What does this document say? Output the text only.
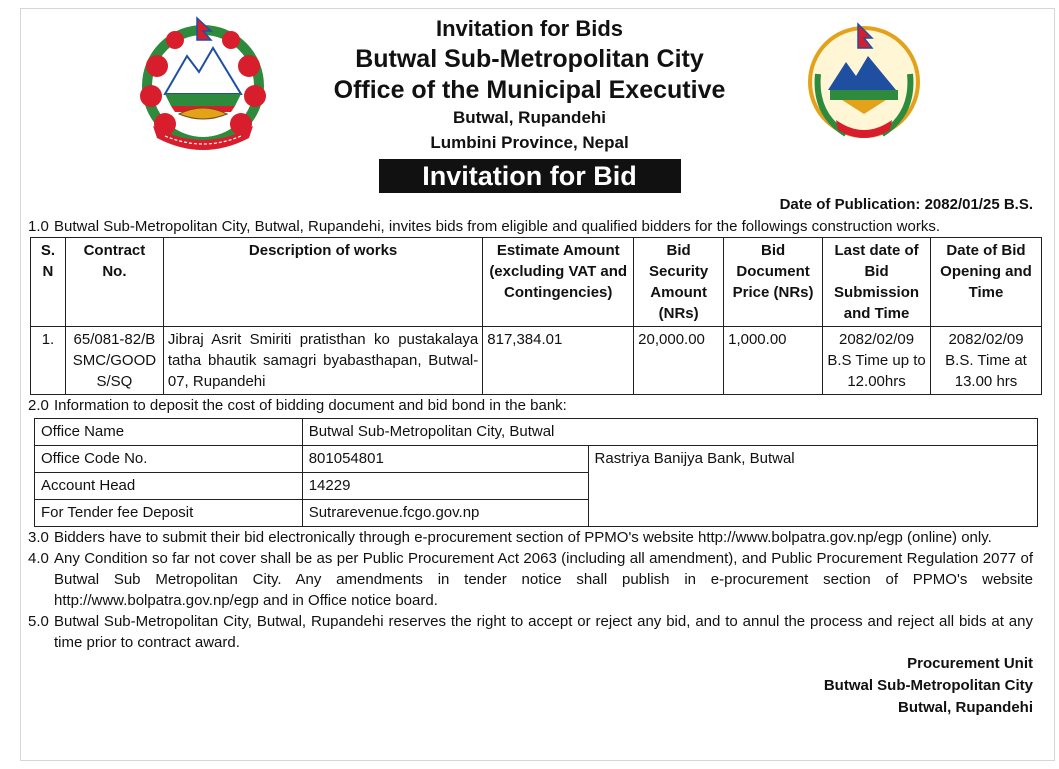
Invitation for Bids
Butwal Sub-Metropolitan City
Office of the Municipal Executive
Butwal, Rupandehi
Lumbini Province, Nepal
Invitation for Bid
Date of Publication: 2082/01/25 B.S.
1.0 Butwal Sub-Metropolitan City, Butwal, Rupandehi, invites bids from eligible and qualified bidders for the followings construction works.
S. N	Contract No.	Description of works	Estimate Amount (excluding VAT and Contingencies)	Bid Security Amount (NRs)	Bid Document Price (NRs)	Last date of Bid Submission and Time	Date of Bid Opening and Time
1.	65/081-82/BSMC/GOODS/SQ	Jibraj Asrit Smiriti pratisthan ko pustakalaya tatha bhautik samagri byabasthapan, Butwal-07, Rupandehi	817,384.01	20,000.00	1,000.00	2082/02/09 B.S Time up to 12.00hrs	2082/02/09 B.S. Time at 13.00 hrs
2.0 Information to deposit the cost of bidding document and bid bond in the bank:
Office Name	Butwal Sub-Metropolitan City, Butwal	
Office Code No.	801054801	Rastriya Banijya Bank, Butwal
Account Head	14229	
For Tender fee Deposit	Sutrarevenue.fcgo.gov.np	
3.0 Bidders have to submit their bid electronically through e-procurement section of PPMO's website http://www.bolpatra.gov.np/egp (online) only.
4.0 Any Condition so far not cover shall be as per Public Procurement Act 2063 (including all amendment), and Public Procurement Regulation 2077 of Butwal Sub Metropolitan City. Any amendments in tender notice shall publish in e-procurement section of PPMO's website http://www.bolpatra.gov.np/egp and in Office notice board.
5.0 Butwal Sub-Metropolitan City, Butwal, Rupandehi reserves the right to accept or reject any bid, and to annul the process and reject all bids at any time prior to contract award.
Procurement Unit
Butwal Sub-Metropolitan City
Butwal, Rupandehi
